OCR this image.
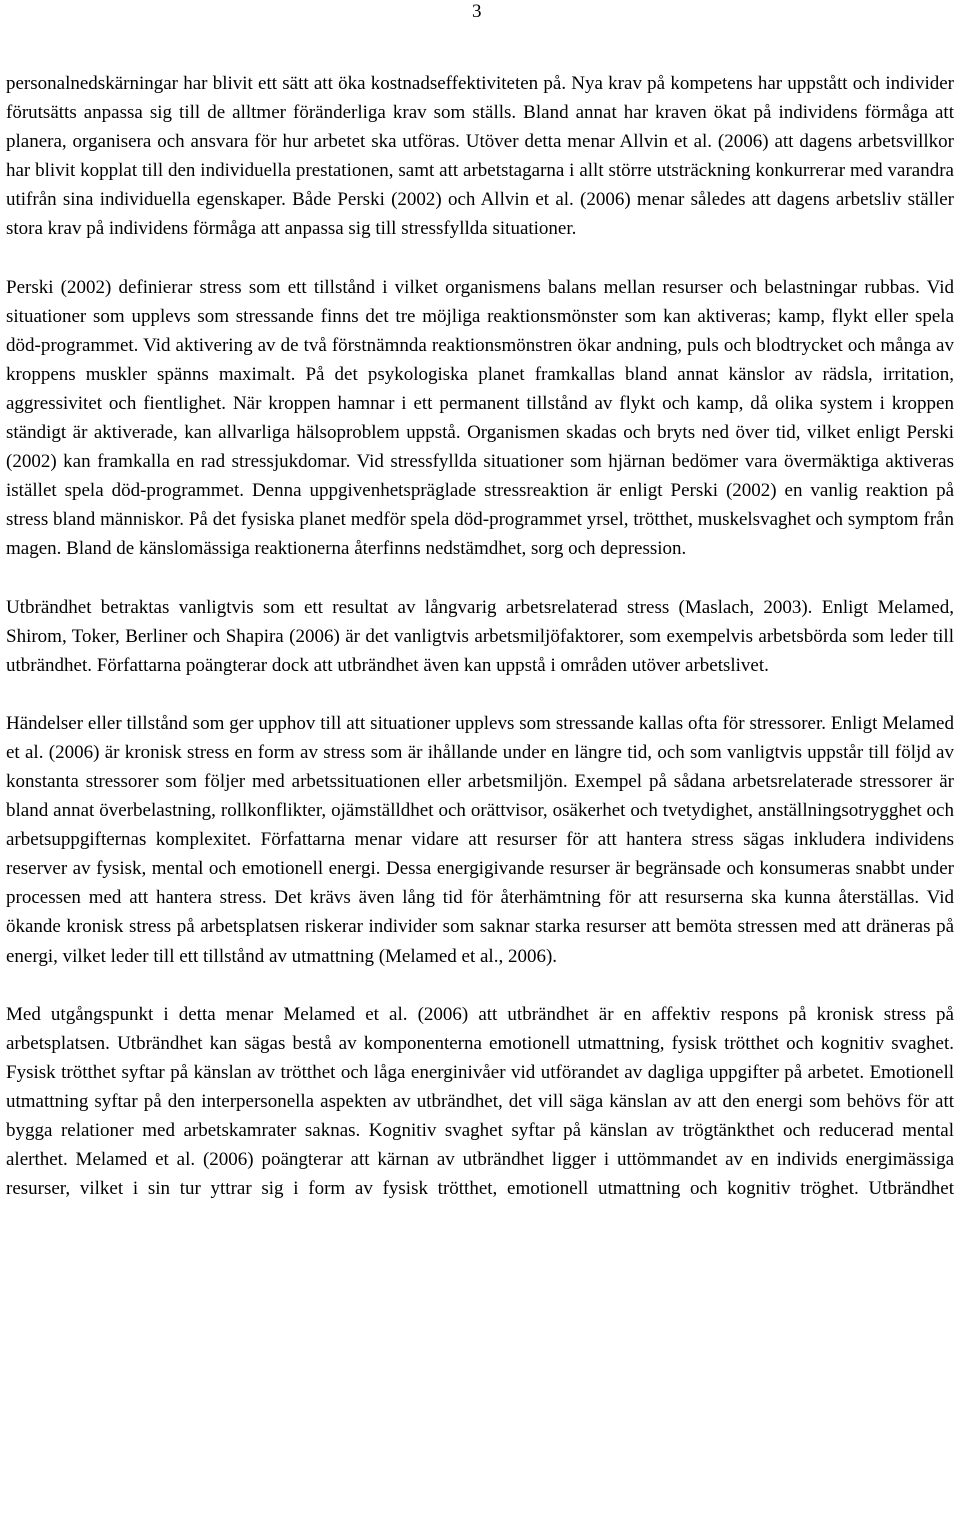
3

personalnedskärningar har blivit ett sätt att öka kostnadseffektiviteten på. Nya krav på kompetens har uppstått och individer förutsätts anpassa sig till de alltmer föränderliga krav som ställs. Bland annat har kraven ökat på individens förmåga att planera, organisera och ansvara för hur arbetet ska utföras. Utöver detta menar Allvin et al. (2006) att dagens arbetsvillkor har blivit kopplat till den individuella prestationen, samt att arbetstagarna i allt större utsträckning konkurrerar med varandra utifrån sina individuella egenskaper. Både Perski (2002) och Allvin et al. (2006) menar således att dagens arbetsliv ställer stora krav på individens förmåga att anpassa sig till stressfyllda situationer.

Perski (2002) definierar stress som ett tillstånd i vilket organismens balans mellan resurser och belastningar rubbas. Vid situationer som upplevs som stressande finns det tre möjliga reaktionsmönster som kan aktiveras; kamp, flykt eller spela död-programmet. Vid aktivering av de två förstnämnda reaktionsmönstren ökar andning, puls och blodtrycket och många av kroppens muskler spänns maximalt. På det psykologiska planet framkallas bland annat känslor av rädsla, irritation, aggressivitet och fientlighet. När kroppen hamnar i ett permanent tillstånd av flykt och kamp, då olika system i kroppen ständigt är aktiverade, kan allvarliga hälsoproblem uppstå. Organismen skadas och bryts ned över tid, vilket enligt Perski (2002) kan framkalla en rad stressjukdomar. Vid stressfyllda situationer som hjärnan bedömer vara övermäktiga aktiveras istället spela död-programmet. Denna uppgivenhetspräglade stressreaktion är enligt Perski (2002) en vanlig reaktion på stress bland människor. På det fysiska planet medför spela död-programmet yrsel, trötthet, muskelsvaghet och symptom från magen. Bland de känslomässiga reaktionerna återfinns nedstämdhet, sorg och depression.

Utbrändhet betraktas vanligtvis som ett resultat av långvarig arbetsrelaterad stress (Maslach, 2003). Enligt Melamed, Shirom, Toker, Berliner och Shapira (2006) är det vanligtvis arbetsmiljöfaktorer, som exempelvis arbetsbörda som leder till utbrändhet. Författarna poängterar dock att utbrändhet även kan uppstå i områden utöver arbetslivet.

Händelser eller tillstånd som ger upphov till att situationer upplevs som stressande kallas ofta för stressorer. Enligt Melamed et al. (2006) är kronisk stress en form av stress som är ihållande under en längre tid, och som vanligtvis uppstår till följd av konstanta stressorer som följer med arbetssituationen eller arbetsmiljön. Exempel på sådana arbetsrelaterade stressorer är bland annat överbelastning, rollkonflikter, ojämställdhet och orättvisor, osäkerhet och tvetydighet, anställningsotrygghet och arbetsuppgifternas komplexitet. Författarna menar vidare att resurser för att hantera stress sägas inkludera individens reserver av fysisk, mental och emotionell energi. Dessa energigivande resurser är begränsade och konsumeras snabbt under processen med att hantera stress. Det krävs även lång tid för återhämtning för att resurserna ska kunna återställas. Vid ökande kronisk stress på arbetsplatsen riskerar individer som saknar starka resurser att bemöta stressen med att dräneras på energi, vilket leder till ett tillstånd av utmattning (Melamed et al., 2006).

Med utgångspunkt i detta menar Melamed et al. (2006) att utbrändhet är en affektiv respons på kronisk stress på arbetsplatsen. Utbrändhet kan sägas bestå av komponenterna emotionell utmattning, fysisk trötthet och kognitiv svaghet. Fysisk trötthet syftar på känslan av trötthet och låga energinivåer vid utförandet av dagliga uppgifter på arbetet. Emotionell utmattning syftar på den interpersonella aspekten av utbrändhet, det vill säga känslan av att den energi som behövs för att bygga relationer med arbetskamrater saknas. Kognitiv svaghet syftar på känslan av trögtänkthet och reducerad mental alerthet. Melamed et al. (2006) poängterar att kärnan av utbrändhet ligger i uttömmandet av en individs energimässiga resurser, vilket i sin tur yttrar sig i form av fysisk trötthet, emotionell utmattning och kognitiv tröghet. Utbrändhet
